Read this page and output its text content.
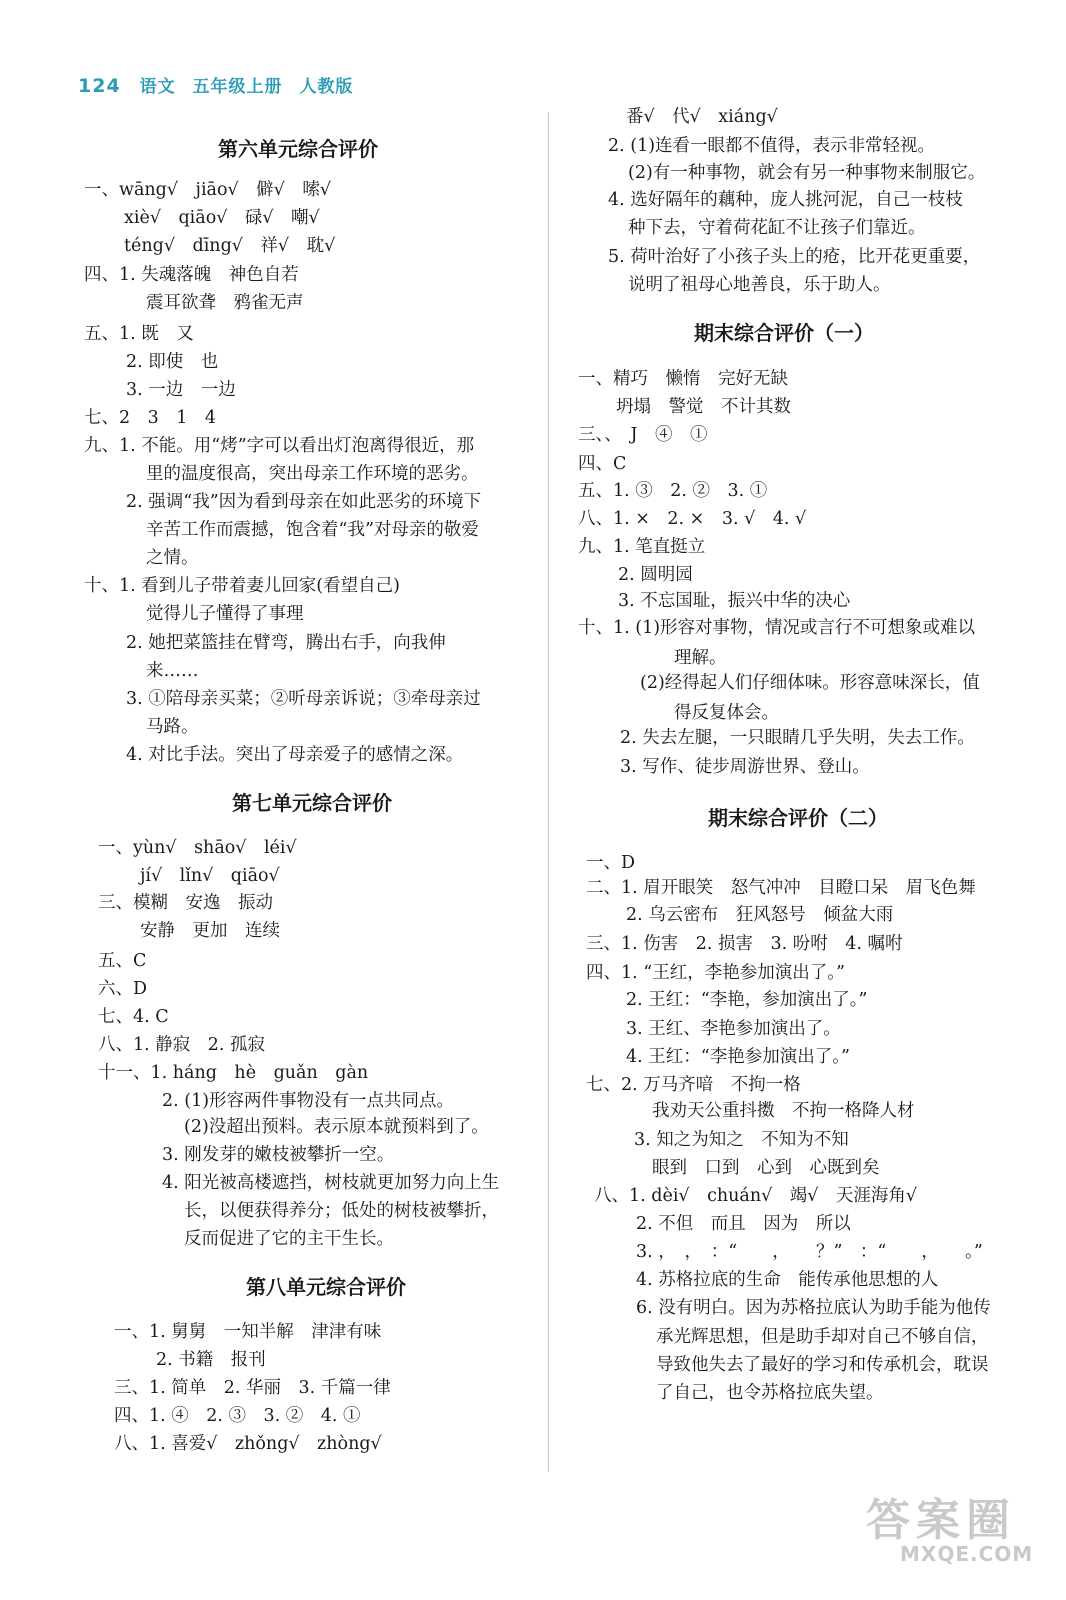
124 语文 五年级上册 人教版
第六单元综合评价
一、wāng√　jiāo√　僻√　嗦√
xiè√　qiāo√　碌√　嘲√
téng√　dīng√　祥√　耽√
四、1. 失魂落魄　神色自若
震耳欲聋　鸦雀无声
五、1. 既　又
2. 即使　也
3. 一边　一边
七、2　3　1　4
九、1. 不能。用“烤”字可以看出灯泡离得很近，那
里的温度很高，突出母亲工作环境的恶劣。
2. 强调“我”因为看到母亲在如此恶劣的环境下
辛苦工作而震撼，饱含着“我”对母亲的敬爱
之情。
十、1. 看到儿子带着妻儿回家(看望自己)
觉得儿子懂得了事理
2. 她把菜篮挂在臂弯，腾出右手，向我伸
来……
3. ①陪母亲买菜；②听母亲诉说；③牵母亲过
马路。
4. 对比手法。突出了母亲爱子的感情之深。
第七单元综合评价
一、yùn√　shāo√　léi√
jí√　lǐn√　qiāo√
三、模糊　安逸　振动
安静　更加　连续
五、C
六、D
七、4. C
八、1. 静寂　2. 孤寂
十一、1. háng　hè　guǎn　gàn
2. (1)形容两件事物没有一点共同点。
(2)没超出预料。表示原本就预料到了。
3. 刚发芽的嫩枝被攀折一空。
4. 阳光被高楼遮挡，树枝就更加努力向上生
长，以便获得养分；低处的树枝被攀折，
反而促进了它的主干生长。
第八单元综合评价
一、1. 舅舅　一知半解　津津有味
2. 书籍　报刊
三、1. 简单　2. 华丽　3. 千篇一律
四、1. ④　2. ③　3. ②　4. ①
八、1. 喜爱√　zhǒng√　zhòng√
番√　代√　xiáng√
2. (1)连看一眼都不值得，表示非常轻视。
(2)有一种事物，就会有另一种事物来制服它。
4. 选好隔年的藕种，庞人挑河泥，自己一枝枝
种下去，守着荷花缸不让孩子们靠近。
5. 荷叶治好了小孩子头上的疮，比开花更重要，
说明了祖母心地善良，乐于助人。
期末综合评价（一）
一、精巧　懒惰　完好无缺
坍塌　警觉　不计其数
三、、　J　④　①
四、C
五、1. ③　2. ②　3. ①
八、1. ×　2. ×　3. √　4. √
九、1. 笔直挺立
2. 圆明园
3. 不忘国耻，振兴中华的决心
十、1. (1)形容对事物，情况或言行不可想象或难以
理解。
(2)经得起人们仔细体味。形容意味深长，值
得反复体会。
2. 失去左腿，一只眼睛几乎失明，失去工作。
3. 写作、徒步周游世界、登山。
期末综合评价（二）
一、D
二、1. 眉开眼笑　怒气冲冲　目瞪口呆　眉飞色舞
2. 乌云密布　狂风怒号　倾盆大雨
三、1. 伤害　2. 损害　3. 吩咐　4. 嘱咐
四、1. “王红，李艳参加演出了。”
2. 王红：“李艳，参加演出了。”
3. 王红、李艳参加演出了。
4. 王红：“李艳参加演出了。”
七、2. 万马齐喑　不拘一格
我劝天公重抖擞　不拘一格降人材
3. 知之为知之　不知为不知
眼到　口到　心到　心既到矣
八、1. dèi√　chuán√　竭√　天涯海角√
2. 不但　而且　因为　所以
3. ，　，　：“　　，　　？”　：“　　，　　。”
4. 苏格拉底的生命　能传承他思想的人
6. 没有明白。因为苏格拉底认为助手能为他传
承光辉思想，但是助手却对自己不够自信，
导致他失去了最好的学习和传承机会，耽误
了自己，也令苏格拉底失望。
答案圈
MXQE.COM
